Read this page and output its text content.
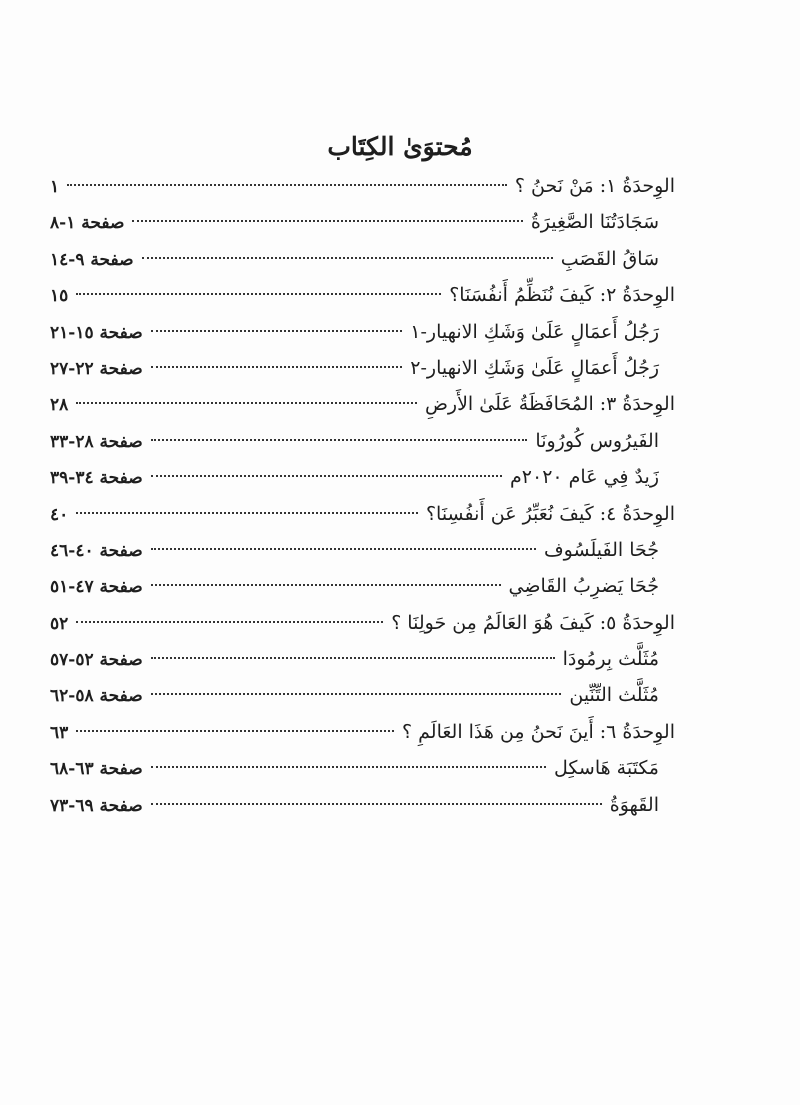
مُحتوَىٰ الكِتَاب
الوِحدَةُ ١: مَنْ نَحنُ ؟
١
سَجَادَتُنَا الصَّغِيرَةُ
صفحة ١-٨
سَاقُ القَصَبِ
صفحة ٩-١٤
الوِحدَةُ ٢: كَيفَ نُنَظِّمُ أَنفُسَنَا؟
١٥
رَجُلُ أَعمَالٍ عَلَىٰ وَشَكِ الانهيار-١
صفحة ١٥-٢١
رَجُلُ أَعمَالٍ عَلَىٰ وَشَكِ الانهيار-٢
صفحة ٢٢-٢٧
الوِحدَةُ ٣: المُحَافَظَةُ عَلَىٰ الأَرضِ
٢٨
الفَيرُوس كُورُونَا
صفحة ٢٨-٣٣
زَيدٌ فِي عَام ٢٠٢٠م
صفحة ٣٤-٣٩
الوِحدَةُ ٤: كَيفَ نُعَبِّرُ عَن أَنفُسِنَا؟
٤٠
جُحَا الفَيلَسُوف
صفحة ٤٠-٤٦
جُحَا يَضرِبُ القَاضِي
صفحة ٤٧-٥١
الوِحدَةُ ٥: كَيفَ هُوَ العَالَمُ مِن حَولِنَا ؟
٥٢
مُثَلَّث بِرمُودَا
صفحة ٥٢-٥٧
مُثَلَّث التِّنِّين
صفحة ٥٨-٦٢
الوِحدَةُ ٦: أَينَ نَحنُ مِن هَذَا العَالَمِ ؟
٦٣
مَكتَبَة هَاسكِل
صفحة ٦٣-٦٨
القَهوَةُ
صفحة ٦٩-٧٣
